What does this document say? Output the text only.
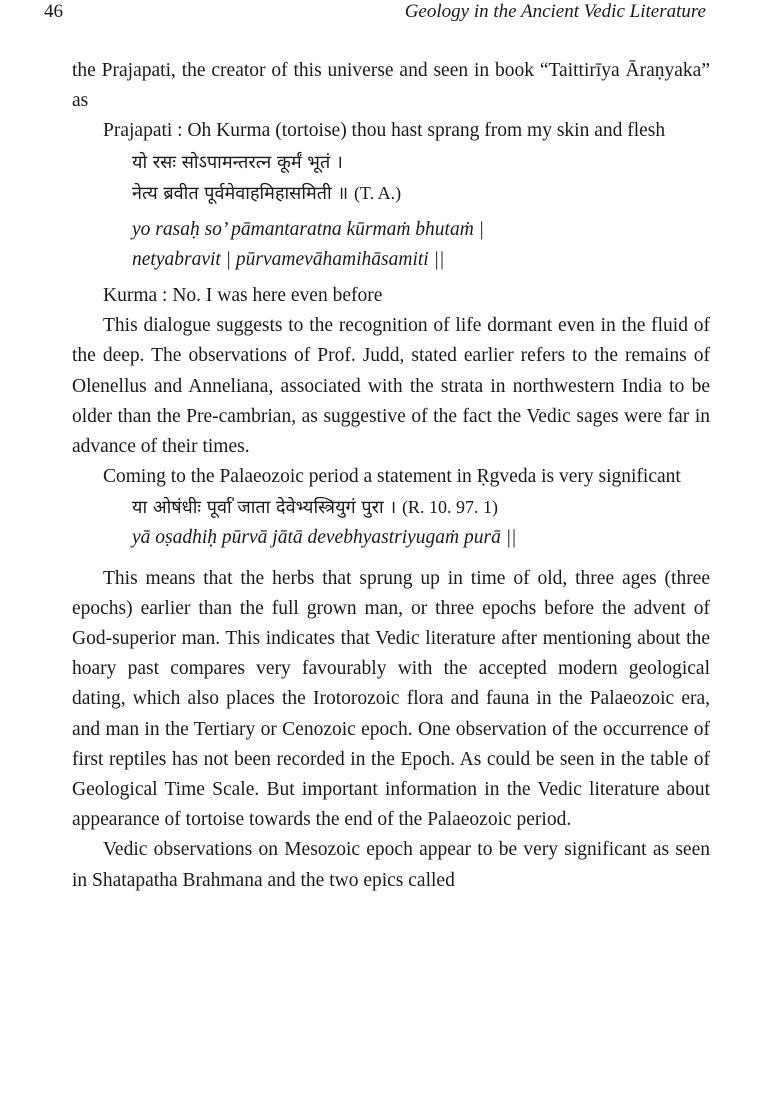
46	Geology in the Ancient Vedic Literature

the Prajapati, the creator of this universe and seen in book “Taittirīya Āraṇyaka” as

Prajapati : Oh Kurma (tortoise) thou hast sprang from my skin and flesh

यो रसः सोऽपामन्तरत्न कूर्मं भूतं ।
नेत्य ब्रवीत पूर्वमेवाहमिहासमिती ॥ (T. A.)
yo rasaḥ so’ pāmantaratna kūrmaṁ bhutaṁ |
netyabravit | pūrvamevāhamihāsamiti ||

Kurma : No. I was here even before

This dialogue suggests to the recognition of life dormant even in the fluid of the deep. The observations of Prof. Judd, stated earlier refers to the remains of Olenellus and Anneliana, associated with the strata in northwestern India to be older than the Pre-cambrian, as suggestive of the fact the Vedic sages were far in advance of their times.

Coming to the Palaeozoic period a statement in Ṛgveda is very significant

या ओषंधीः पूर्वा॑ जाता देवेभ्यस्त्रियुगं पुरा । (R. 10. 97. 1)
yā oṣadhiḥ pūrvā jātā devebhyastriyugaṁ purā ||

This means that the herbs that sprung up in time of old, three ages (three epochs) earlier than the full grown man, or three epochs before the advent of God-superior man. This indicates that Vedic literature after mentioning about the hoary past compares very favourably with the accepted modern geological dating, which also places the Irotorozoic flora and fauna in the Palaeozoic era, and man in the Tertiary or Cenozoic epoch. One observation of the occurrence of first reptiles has not been recorded in the Epoch. As could be seen in the table of Geological Time Scale. But important information in the Vedic literature about appearance of tortoise towards the end of the Palaeozoic period.

Vedic observations on Mesozoic epoch appear to be very significant as seen in Shatapatha Brahmana and the two epics called
